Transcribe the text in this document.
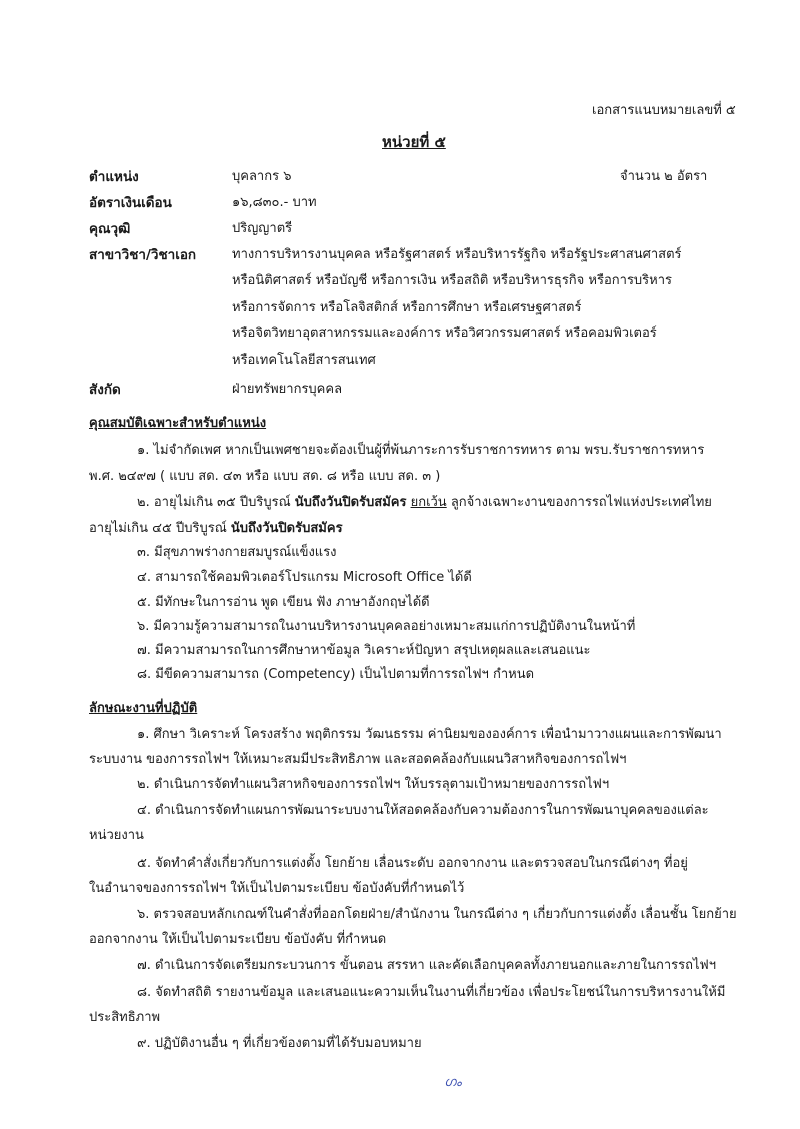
เอกสารแนบหมายเลขที่ ๕
หน่วยที่ ๕
ตำแหน่ง	บุคลากร ๖	จำนวน ๒ อัตรา
อัตราเงินเดือน	๑๖,๘๓๐.- บาท
คุณวุฒิ	ปริญญาตรี
สาขาวิชา/วิชาเอก	ทางการบริหารงานบุคคล หรือรัฐศาสตร์ หรือบริหารรัฐกิจ หรือรัฐประศาสนศาสตร์
หรือนิติศาสตร์ หรือบัญชี หรือการเงิน หรือสถิติ หรือบริหารธุรกิจ หรือการบริหาร
หรือการจัดการ หรือโลจิสติกส์ หรือการศึกษา หรือเศรษฐศาสตร์
หรือจิตวิทยาอุตสาหกรรมและองค์การ หรือวิศวกรรมศาสตร์ หรือคอมพิวเตอร์
หรือเทคโนโลยีสารสนเทศ
สังกัด	ฝ่ายทรัพยากรบุคคล
คุณสมบัติเฉพาะสำหรับตำแหน่ง
๑. ไม่จำกัดเพศ หากเป็นเพศชายจะต้องเป็นผู้ที่พ้นภาระการรับราชการทหาร ตาม พรบ.รับราชการทหาร
พ.ศ. ๒๔๙๗ ( แบบ สด. ๔๓ หรือ แบบ สด. ๘ หรือ แบบ สด. ๓ )
๒. อายุไม่เกิน ๓๕ ปีบริบูรณ์ นับถึงวันปิดรับสมัคร ยกเว้น ลูกจ้างเฉพาะงานของการรถไฟแห่งประเทศไทย
อายุไม่เกิน ๔๕ ปีบริบูรณ์ นับถึงวันปิดรับสมัคร
๓. มีสุขภาพร่างกายสมบูรณ์แข็งแรง
๔. สามารถใช้คอมพิวเตอร์โปรแกรม Microsoft Office ได้ดี
๕. มีทักษะในการอ่าน พูด เขียน ฟัง ภาษาอังกฤษได้ดี
๖. มีความรู้ความสามารถในงานบริหารงานบุคคลอย่างเหมาะสมแก่การปฏิบัติงานในหน้าที่
๗. มีความสามารถในการศึกษาหาข้อมูล วิเคราะห์ปัญหา สรุปเหตุผลและเสนอแนะ
๘. มีขีดความสามารถ (Competency) เป็นไปตามที่การรถไฟฯ กำหนด
ลักษณะงานที่ปฏิบัติ
๑. ศึกษา วิเคราะห์ โครงสร้าง พฤติกรรม วัฒนธรรม ค่านิยมขององค์การ เพื่อนำมาวางแผนและการพัฒนา
ระบบงาน ของการรถไฟฯ ให้เหมาะสมมีประสิทธิภาพ และสอดคล้องกับแผนวิสาหกิจของการถไฟฯ
๒. ดำเนินการจัดทำแผนวิสาหกิจของการรถไฟฯ ให้บรรลุตามเป้าหมายของการรถไฟฯ
๔. ดำเนินการจัดทำแผนการพัฒนาระบบงานให้สอดคล้องกับความต้องการในการพัฒนาบุคคลของแต่ละ
หน่วยงาน
๕. จัดทำคำสั่งเกี่ยวกับการแต่งตั้ง โยกย้าย เลื่อนระดับ ออกจากงาน และตรวจสอบในกรณีต่างๆ ที่อยู่
ในอำนาจของการรถไฟฯ ให้เป็นไปตามระเบียบ ข้อบังคับที่กำหนดไว้
๖. ตรวจสอบหลักเกณฑ์ในคำสั่งที่ออกโดยฝ่าย/สำนักงาน ในกรณีต่าง ๆ เกี่ยวกับการแต่งตั้ง เลื่อนชั้น โยกย้าย
ออกจากงาน ให้เป็นไปตามระเบียบ ข้อบังคับ ที่กำหนด
๗. ดำเนินการจัดเตรียมกระบวนการ ขั้นตอน สรรหา และคัดเลือกบุคคลทั้งภายนอกและภายในการรถไฟฯ
๘. จัดทำสถิติ รายงานข้อมูล และเสนอแนะความเห็นในงานที่เกี่ยวข้อง เพื่อประโยชน์ในการบริหารงานให้มี
ประสิทธิภาพ
๙. ปฏิบัติงานอื่น ๆ ที่เกี่ยวข้องตามที่ได้รับมอบหมาย
ഗം
